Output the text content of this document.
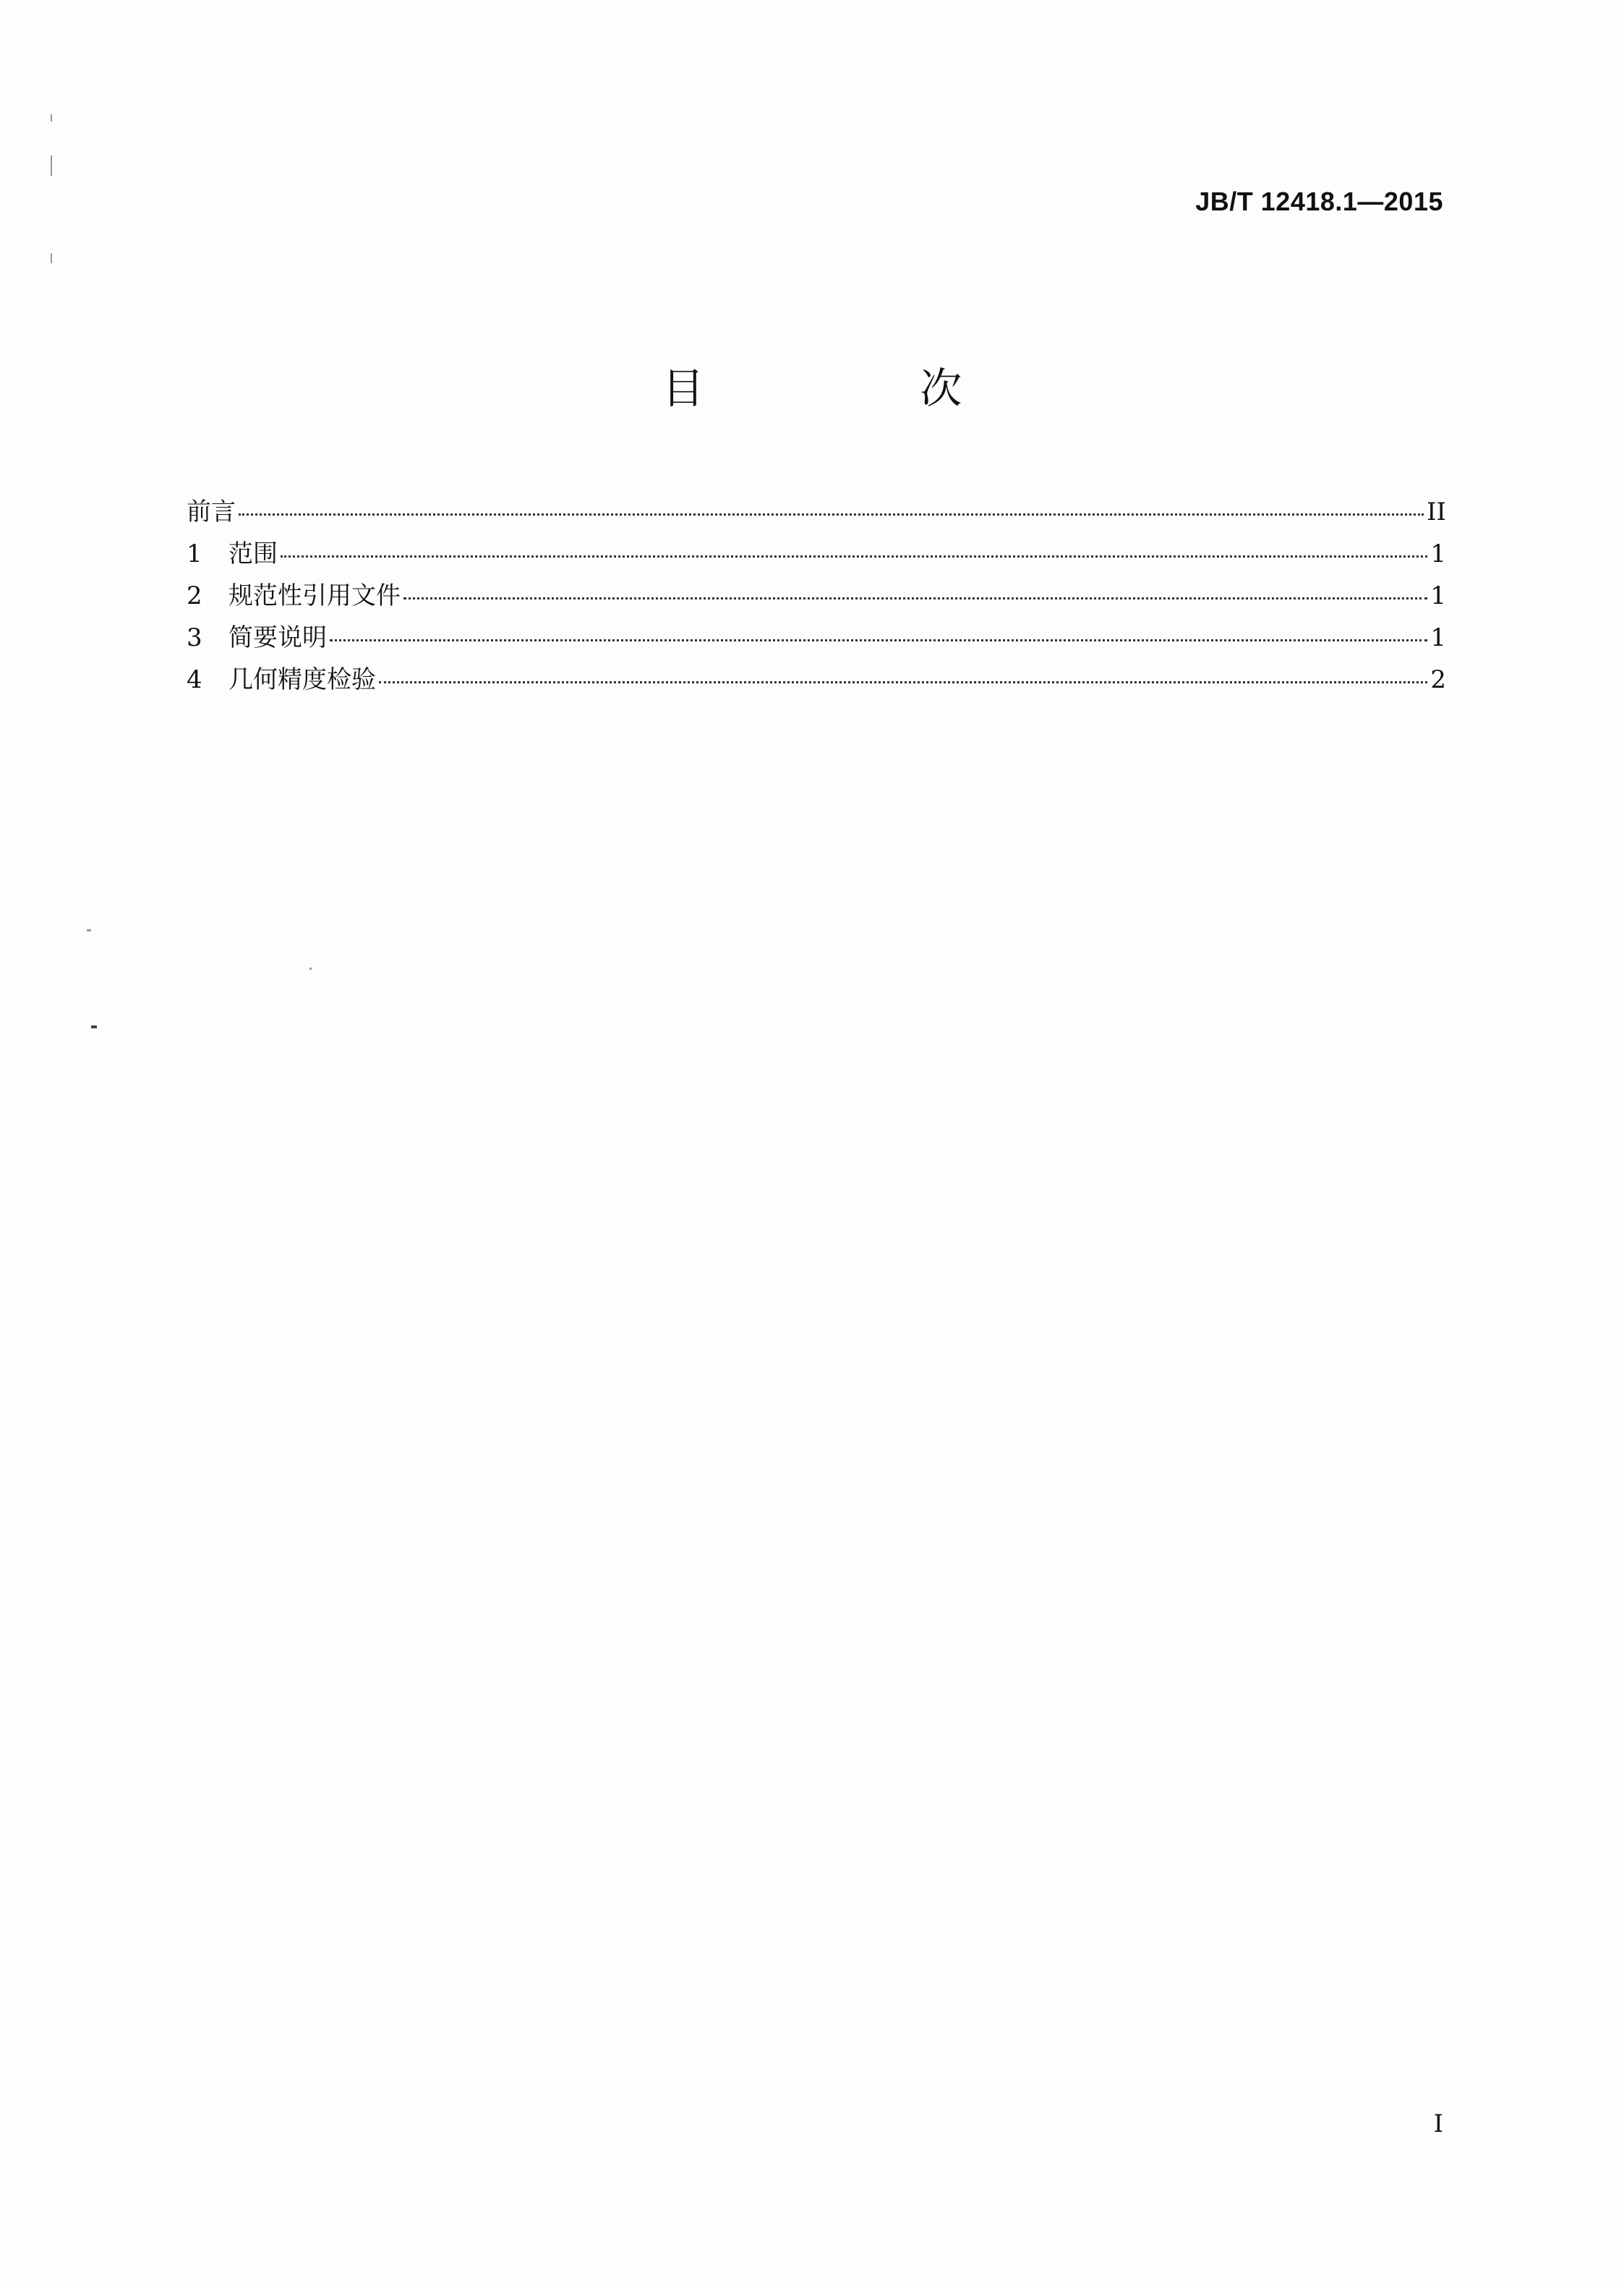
JB/T 12418.1—2015
目 次
前言	II
1	范围	1
2	规范性引用文件	1
3	简要说明	1
4	几何精度检验	2
I
